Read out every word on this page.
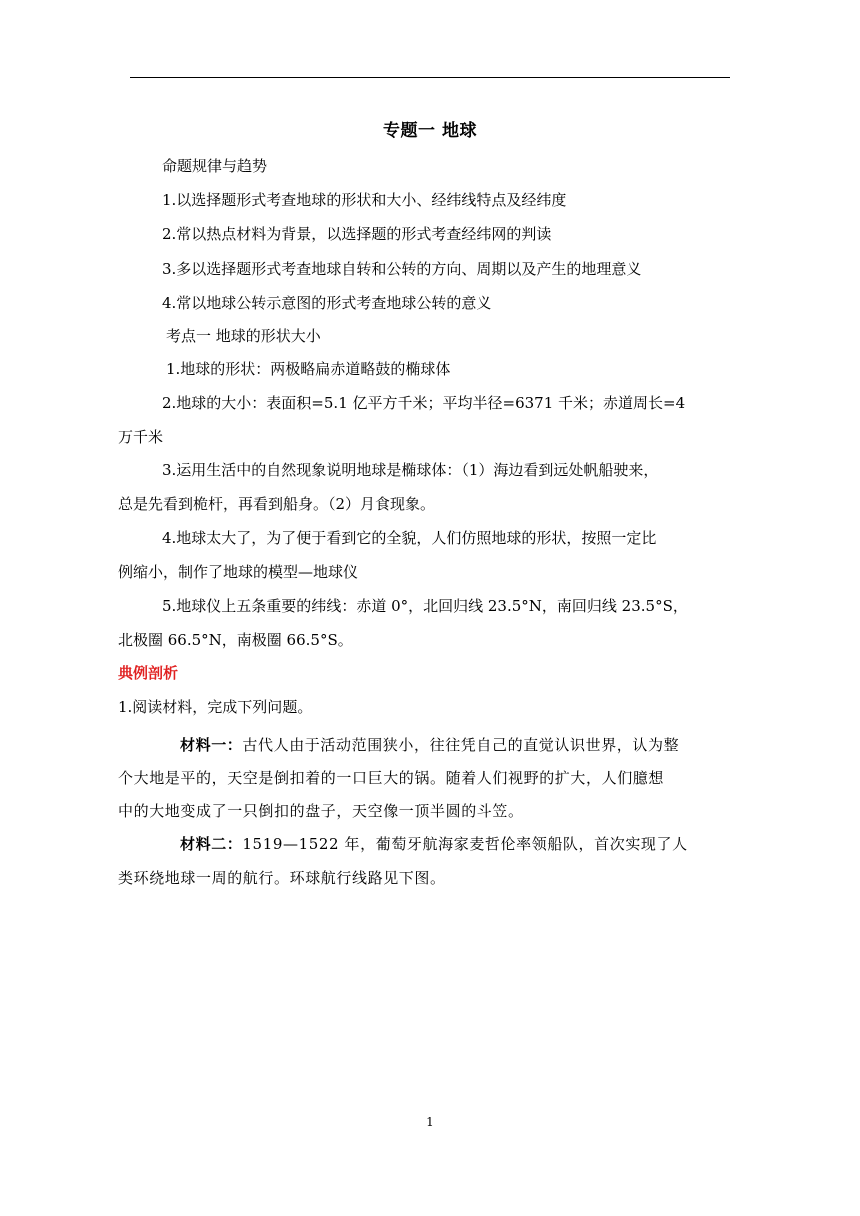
专题一 地球
命题规律与趋势
1.以选择题形式考查地球的形状和大小、经纬线特点及经纬度
2.常以热点材料为背景，以选择题的形式考查经纬网的判读
3.多以选择题形式考查地球自转和公转的方向、周期以及产生的地理意义
4.常以地球公转示意图的形式考查地球公转的意义
考点一 地球的形状大小
1.地球的形状：两极略扁赤道略鼓的椭球体
2.地球的大小：表面积=5.1 亿平方千米；平均半径=6371 千米；赤道周长=4
万千米
3.运用生活中的自然现象说明地球是椭球体：（1）海边看到远处帆船驶来，
总是先看到桅杆，再看到船身。（2）月食现象。
4.地球太大了，为了便于看到它的全貌，人们仿照地球的形状，按照一定比
例缩小，制作了地球的模型—地球仪
5.地球仪上五条重要的纬线：赤道 0°，北回归线 23.5°N，南回归线 23.5°S，
北极圈 66.5°N，南极圈 66.5°S。
典例剖析
1.阅读材料，完成下列问题。
材料一：古代人由于活动范围狭小，往往凭自己的直觉认识世界，认为整
个大地是平的，天空是倒扣着的一口巨大的锅。随着人们视野的扩大，人们臆想
中的大地变成了一只倒扣的盘子，天空像一顶半圆的斗笠。
材料二：1519—1522 年，葡萄牙航海家麦哲伦率领船队，首次实现了人
类环绕地球一周的航行。环球航行线路见下图。
1
